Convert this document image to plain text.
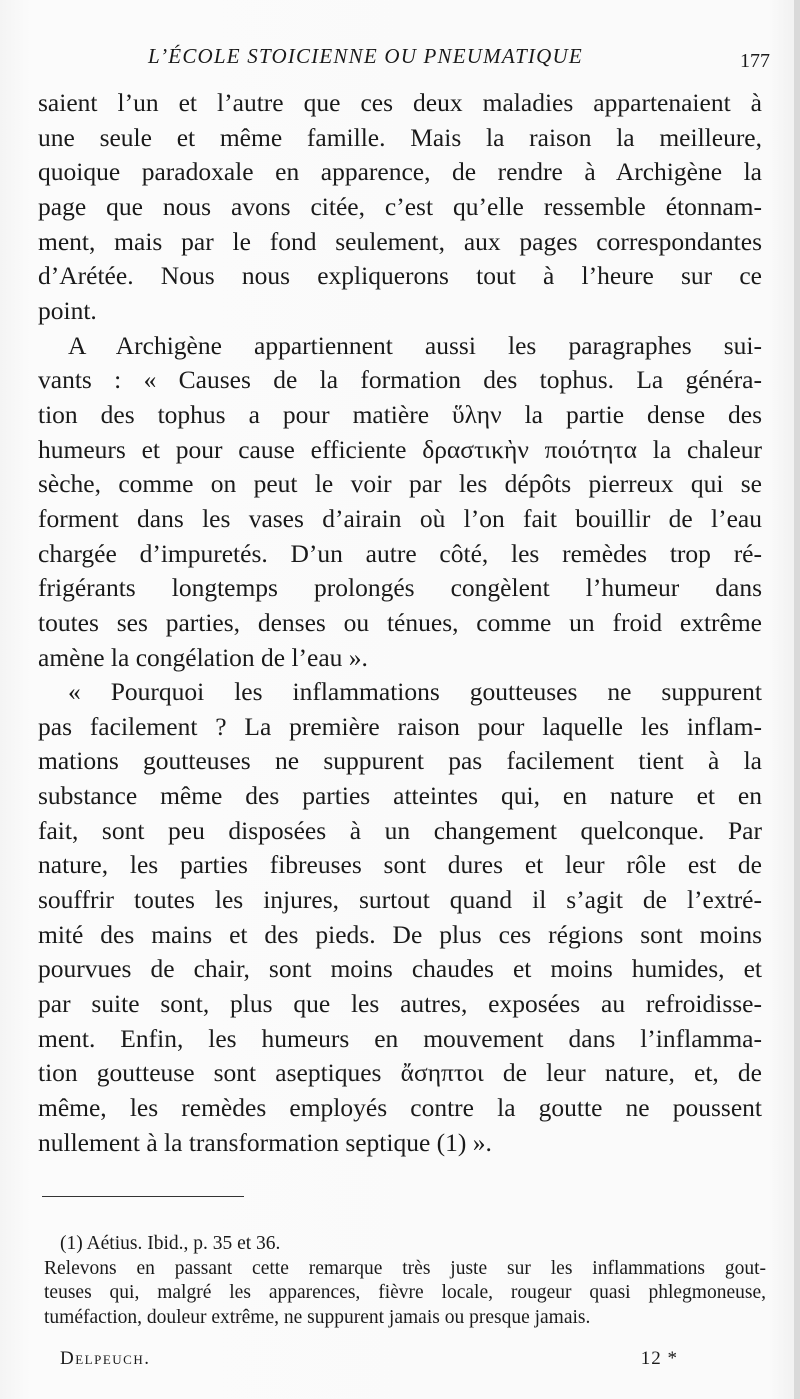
L’ÉCOLE STOICIENNE OU PNEUMATIQUE	177
saient l’un et l’autre que ces deux maladies appartenaient à
une seule et même famille. Mais la raison la meilleure,
quoique paradoxale en apparence, de rendre à Archigène la
page que nous avons citée, c’est qu’elle ressemble étonnam-
ment, mais par le fond seulement, aux pages correspondantes
d’Arétée. Nous nous expliquerons tout à l’heure sur ce
point.
A Archigène appartiennent aussi les paragraphes sui-
vants : « Causes de la formation des tophus. La généra-
tion des tophus a pour matière ὕλην la partie dense des
humeurs et pour cause efficiente δραστικὴν ποιότητα la chaleur
sèche, comme on peut le voir par les dépôts pierreux qui se
forment dans les vases d’airain où l’on fait bouillir de l’eau
chargée d’impuretés. D’un autre côté, les remèdes trop ré-
frigérants longtemps prolongés congèlent l’humeur dans
toutes ses parties, denses ou ténues, comme un froid extrême
amène la congélation de l’eau ».
« Pourquoi les inflammations goutteuses ne suppurent
pas facilement ? La première raison pour laquelle les inflam-
mations goutteuses ne suppurent pas facilement tient à la
substance même des parties atteintes qui, en nature et en
fait, sont peu disposées à un changement quelconque. Par
nature, les parties fibreuses sont dures et leur rôle est de
souffrir toutes les injures, surtout quand il s’agit de l’extré-
mité des mains et des pieds. De plus ces régions sont moins
pourvues de chair, sont moins chaudes et moins humides, et
par suite sont, plus que les autres, exposées au refroidisse-
ment. Enfin, les humeurs en mouvement dans l’inflamma-
tion goutteuse sont aseptiques ἄσηπτοι de leur nature, et, de
même, les remèdes employés contre la goutte ne poussent
nullement à la transformation septique (1) ».
(1) Aétius. Ibid., p. 35 et 36.
Relevons en passant cette remarque très juste sur les inflammations gout-
teuses qui, malgré les apparences, fièvre locale, rougeur quasi phlegmoneuse,
tuméfaction, douleur extrême, ne suppurent jamais ou presque jamais.
Delpeuch.	12 *
